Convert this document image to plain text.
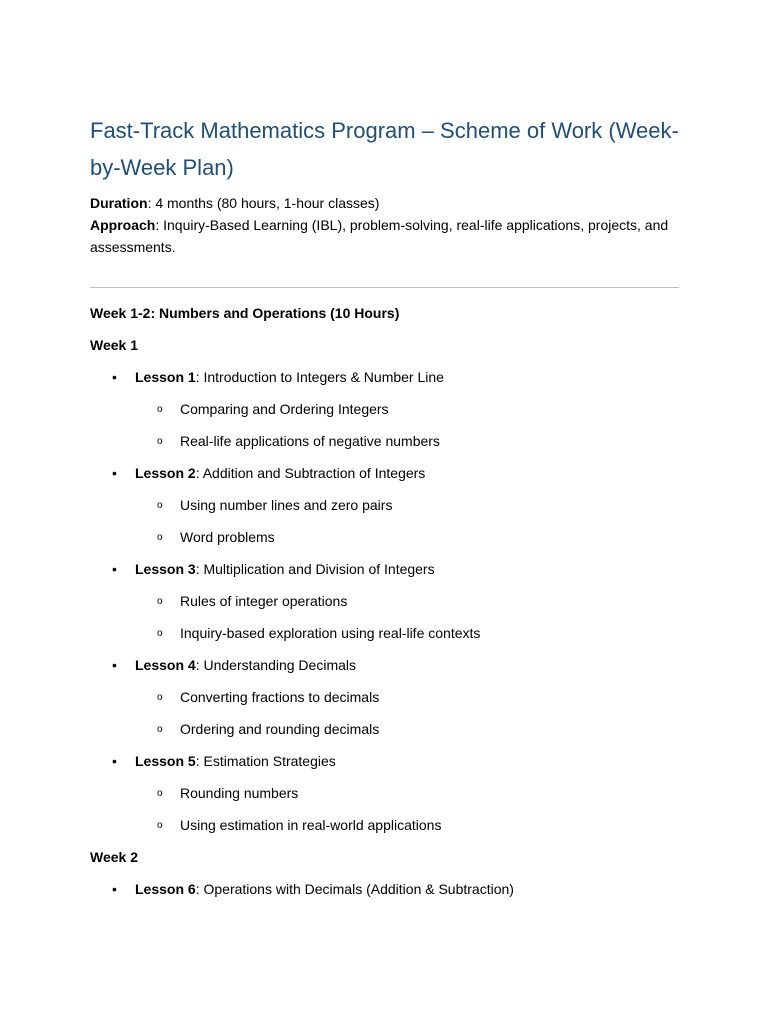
Fast-Track Mathematics Program – Scheme of Work (Week-by-Week Plan)

Duration: 4 months (80 hours, 1-hour classes)

Approach: Inquiry-Based Learning (IBL), problem-solving, real-life applications, projects, and assessments.

Week 1-2: Numbers and Operations (10 Hours)

Week 1

• Lesson 1: Introduction to Integers & Number Line
o Comparing and Ordering Integers
o Real-life applications of negative numbers
• Lesson 2: Addition and Subtraction of Integers
o Using number lines and zero pairs
o Word problems
• Lesson 3: Multiplication and Division of Integers
o Rules of integer operations
o Inquiry-based exploration using real-life contexts
• Lesson 4: Understanding Decimals
o Converting fractions to decimals
o Ordering and rounding decimals
• Lesson 5: Estimation Strategies
o Rounding numbers
o Using estimation in real-world applications

Week 2

• Lesson 6: Operations with Decimals (Addition & Subtraction)
